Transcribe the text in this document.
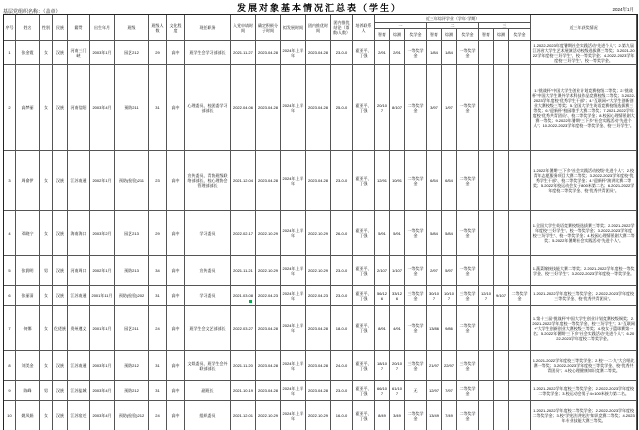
发展对象基本情况汇总表（学生）
基层党组织名称：（盖章）	2024年1月
序号	姓名	性别	民族	籍贯	出生年月	班级	班级人数	文化程度	现任职务	入党申请时间	确定积极分子时间	拟发展时间	团内推优时间	团内推优结论（票数/人数）	培养联系人	近三年综评学业（学年·学期）									近三年获奖情况
																一			二			三			
																智育	综测	奖学金	智育	综测	奖学金	智育	综测	奖学金	
1	张金霞	女	汉族	河南三门峡	2003年1月	园艺212	29	高中	班学生会学习部部长	2021.11.27	2023.04.28	2024年上半年	2023.04.28	23-0-0	霍亚平、丁强	2/91	2/91	一等奖学金	1/84	1/84	一等奖学金				1.2022-2023年度暑期社会实践活动“先进个人”；2.第九届江苏省大学生艺术展演活动校级选拔赛三等奖；3.2021-2022学年度校“三好学生”、校一等奖学金；4.2022-2023学年度校“三好学生”、校一等奖学金。
2	高梦丽	女	汉族	河南信阳	2003年4月	预防211	31	高中	心理委员、校团委学习部部长	2022.04.06	2023.04.28	2024年上半年	2023.04.28	25-0-0	霍亚平、丁强	20/107	8/107	二等奖学金	3/97	1/97	一等奖学金				1.“挑战杯”中国大学生创业计划竞赛校级二等奖；2.“挑战杯”中国大学生课外学术科技作品竞赛校级二等奖；3.2022-2023学年度校“优秀学生干部”；4.“互联网+”大学生创新创业大赛校级三等奖；5.全国大学生英语竞赛校级选拔赛三等奖；6.“迎新杯”校园歌手大赛二等奖；7.2021-2022学年度校“优秀共青团员”、校二等奖学金；8.校园心理情景剧大赛一等奖；9.2022年暑期“三下乡”社会实践活动“先进个人”；10.2022-2023学年度校一等奖学金、校“三好学生”。
3	周俞伊	女	汉族	江苏南通	2002年1月	预防(检验)211	23	高中	宣传委员、青协班级联络部部长、校心理协会管理部部长	2021.12.04	2023.04.28	2024年上半年	2023.04.28	23-0-0	霍亚平、丁强	12/91	10/91	二等奖学金	6/54	6/54	二等奖学金				1.2022年暑期“三下乡”社会实践活动校级“先进个人”；2.校青年志愿服务项目大赛二等奖；3.2022-2023学年度校“优秀学生干部”、校二等奖学金；4.“迎新杯”演讲比赛二等奖；5.2022年校运动会女子800米第二名；6.2021-2022学年度校二等奖学金、校“优秀共青团员”。
4	邓晓宁	女	汉族	海南海口	2003年2月	园艺213	29	高中	学习委员	2022.02.17	2022.10.29	2024年上半年	2022.10.29	26-0-0	霍亚平、丁强	5/91	5/91	一等奖学金	5/84	5/84	一等奖学金				1.全国大学生英语竞赛校级选拔赛三等奖；2.2021-2022学年度校“三好学生”、校一等奖学金；3.2022-2023学年度校“三好学生”、校一等奖学金；4.校园心理情景剧大赛二等奖；5.2022年暑期社会实践活动“先进个人”。
5	张润明	男	汉族	河南周口	2002年1月	预防213	34	高中	宣传委员	2021.11.21	2022.10.29	2024年上半年	2022.10.29	23-0-0	霍亚平、丁强	2/107	1/107	一等奖学金	2/97	5/97	一等奖学金				1.蔬菜嫁接技能大赛二等奖；2.2021-2022学年度校一等奖学金、校“三好学生”；3.2022-2023学年度校一等奖学金。
6	张丽清	女	汉族	江苏南通	2001年11月	预防(检验)202	31	高中	学习委员	2021.03.08	2022.04.23	2024年上半年	2022.04.23	23-0-0	霍亚平、丁强	56/126	33/126	三等奖学金	30/107	10/107	三等奖学金	12/107	9/107	二等奖学金	1.2021-2022学年度校三等奖学金；2.2022-2023学年度校三等奖学金、校“优秀共青团员”。
7	何娜	女	仡佬族	贵州遵义	2001年1月	园艺211	24	高中	班学生会文艺部部长	2022.03.27	2023.04.28	2024年上半年	2023.04.28	18-0-0	霍亚平、丁强	8/91	4/91	一等奖学金	13/86	9/86	二等奖学金				1.第十三届“挑战杯”中国大学生创业计划竞赛校级铜奖；2.2021-2022学年度校一等奖学金、校“三好学生”；3.“互联网+”大学生创新创业大赛校级三等奖；4.校女子篮球赛第一名；5.2022年暑期“三下乡”社会实践活动“先进个人”；6.2022-2023学年度校二等奖学金。
8	刘美金	女	汉族	江苏南通	2003年1月	预防212	31	高中	文娱委员、班学生会外联部部长	2021.11.20	2023.04.28	2024年上半年	2023.04.28	24-0-0	霍亚平、丁强	18/107	20/107	三等奖学金	21/97	22/97	三等奖学金				1.2021-2022学年度校三等奖学金；2.校“一二·九”大合唱比赛一等奖；3.2022-2023学年度校三等奖学金、校“优秀共青团员”；4.校心理健康知识竞赛二等奖。
9	陈峰	男	汉族	江苏盐城	2003年4月	预防212	31	高中	副班长	2021.10.19	2023.04.28	2024年上半年	2023.04.28	23-0-0	霍亚平、丁强	66/107	61/107	无	12/97	7/97	二等奖学金				1.2021-2022学年度校三等奖学金；2.2022-2023学年度校二等奖学金；3.校运动会男子4×100米接力第二名。
10	姚凤娟	女	汉族	江苏宿迁	2003年4月	预防(检验)212	24	高中	组织委员	2021.12.01	2022.10.29	2024年上半年	2022.10.29	16-0-0	霍亚平、丁强	8/49	3/49	二等奖学金	13/49	7/49	二等奖学金				1.2021-2022学年度校二等奖学金；2.2022-2023学年度校二等奖学金；3.校“学宪法讲宪法”知识竞赛二等奖；4.2023年专业技能大赛三等奖。
